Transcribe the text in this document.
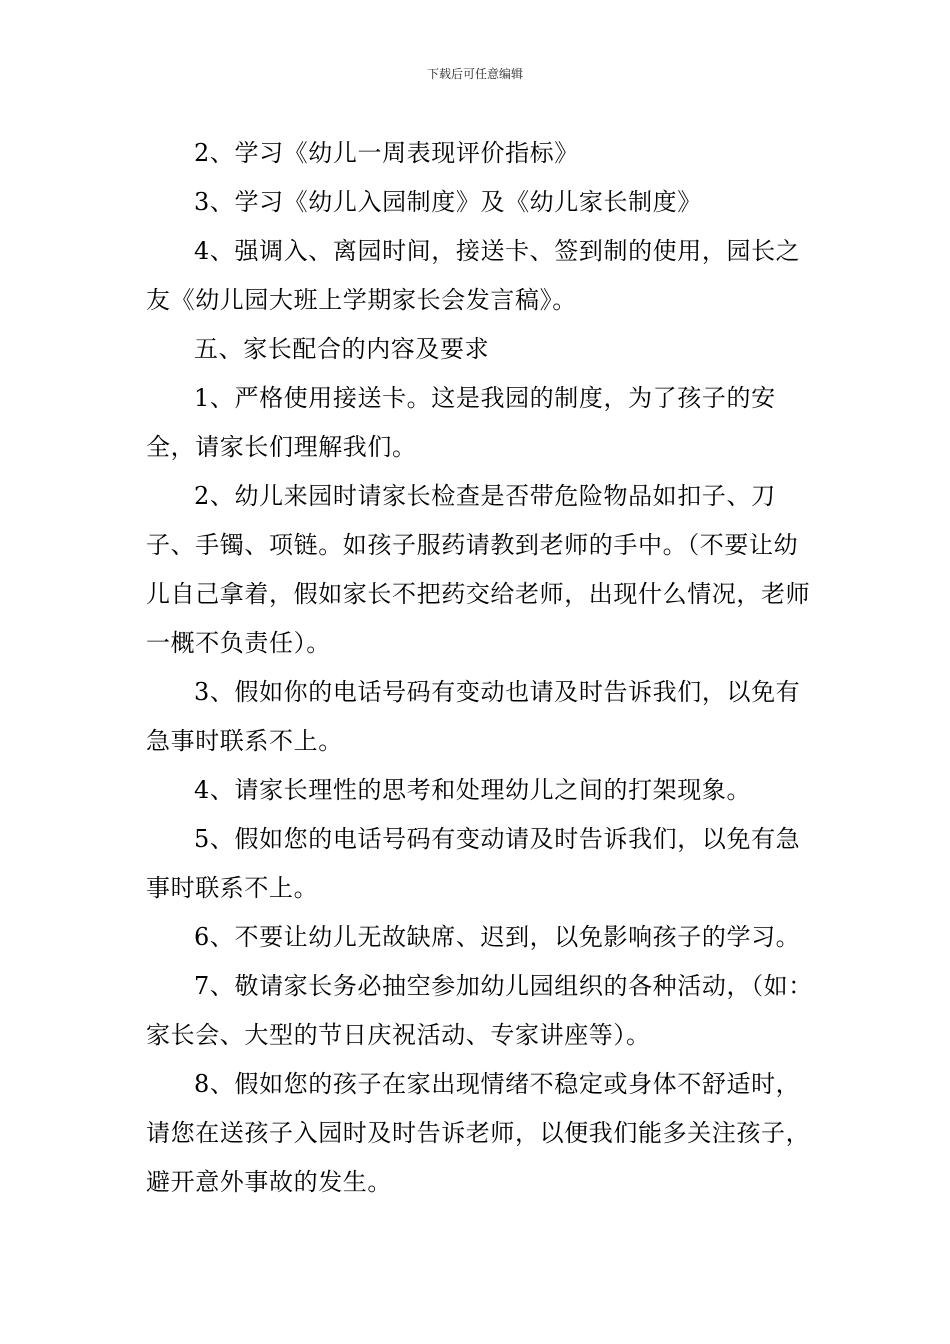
下载后可任意编辑

2、学习《幼儿一周表现评价指标》

3、学习《幼儿入园制度》及《幼儿家长制度》

4、强调入、离园时间，接送卡、签到制的使用，园长之友《幼儿园大班上学期家长会发言稿》。

五、家长配合的内容及要求

1、严格使用接送卡。这是我园的制度，为了孩子的安全，请家长们理解我们。

2、幼儿来园时请家长检查是否带危险物品如扣子、刀子、手镯、项链。如孩子服药请教到老师的手中。（不要让幼儿自己拿着，假如家长不把药交给老师，出现什么情况，老师一概不负责任）。

3、假如你的电话号码有变动也请及时告诉我们，以免有急事时联系不上。

4、请家长理性的思考和处理幼儿之间的打架现象。

5、假如您的电话号码有变动请及时告诉我们，以免有急事时联系不上。

6、不要让幼儿无故缺席、迟到，以免影响孩子的学习。

7、敬请家长务必抽空参加幼儿园组织的各种活动，（如：家长会、大型的节日庆祝活动、专家讲座等）。

8、假如您的孩子在家出现情绪不稳定或身体不舒适时，请您在送孩子入园时及时告诉老师，以便我们能多关注孩子，避开意外事故的发生。
